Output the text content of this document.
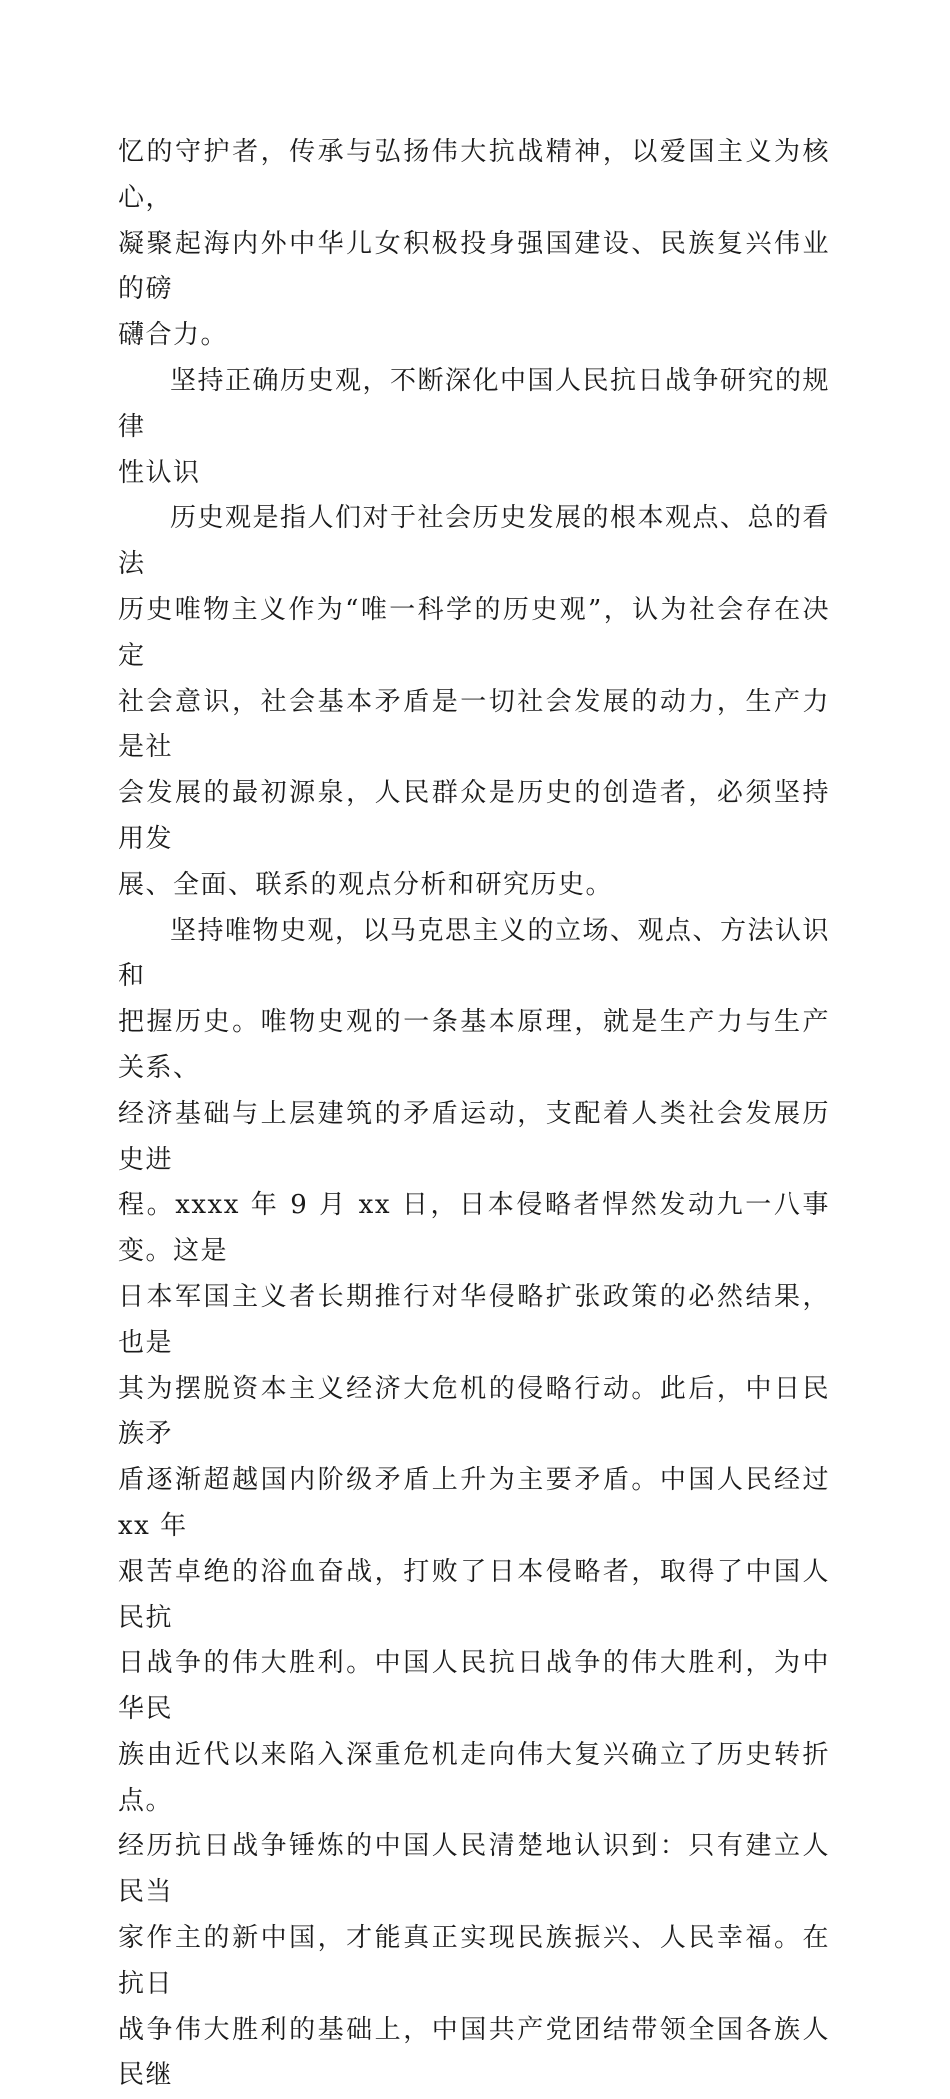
忆的守护者，传承与弘扬伟大抗战精神，以爱国主义为核心，
凝聚起海内外中华儿女积极投身强国建设、民族复兴伟业的磅
礴合力。

坚持正确历史观，不断深化中国人民抗日战争研究的规律
性认识

历史观是指人们对于社会历史发展的根本观点、总的看法
历史唯物主义作为“唯一科学的历史观”，认为社会存在决定
社会意识，社会基本矛盾是一切社会发展的动力，生产力是社
会发展的最初源泉，人民群众是历史的创造者，必须坚持用发
展、全面、联系的观点分析和研究历史。

坚持唯物史观，以马克思主义的立场、观点、方法认识和
把握历史。唯物史观的一条基本原理，就是生产力与生产关系、
经济基础与上层建筑的矛盾运动，支配着人类社会发展历史进
程。xxxx 年 9 月 xx 日，日本侵略者悍然发动九一八事变。这是
日本军国主义者长期推行对华侵略扩张政策的必然结果，也是
其为摆脱资本主义经济大危机的侵略行动。此后，中日民族矛
盾逐渐超越国内阶级矛盾上升为主要矛盾。中国人民经过 xx 年
艰苦卓绝的浴血奋战，打败了日本侵略者，取得了中国人民抗
日战争的伟大胜利。中国人民抗日战争的伟大胜利，为中华民
族由近代以来陷入深重危机走向伟大复兴确立了历史转折点。
经历抗日战争锤炼的中国人民清楚地认识到：只有建立人民当
家作主的新中国，才能真正实现民族振兴、人民幸福。在抗日
战争伟大胜利的基础上，中国共产党团结带领全国各族人民继
